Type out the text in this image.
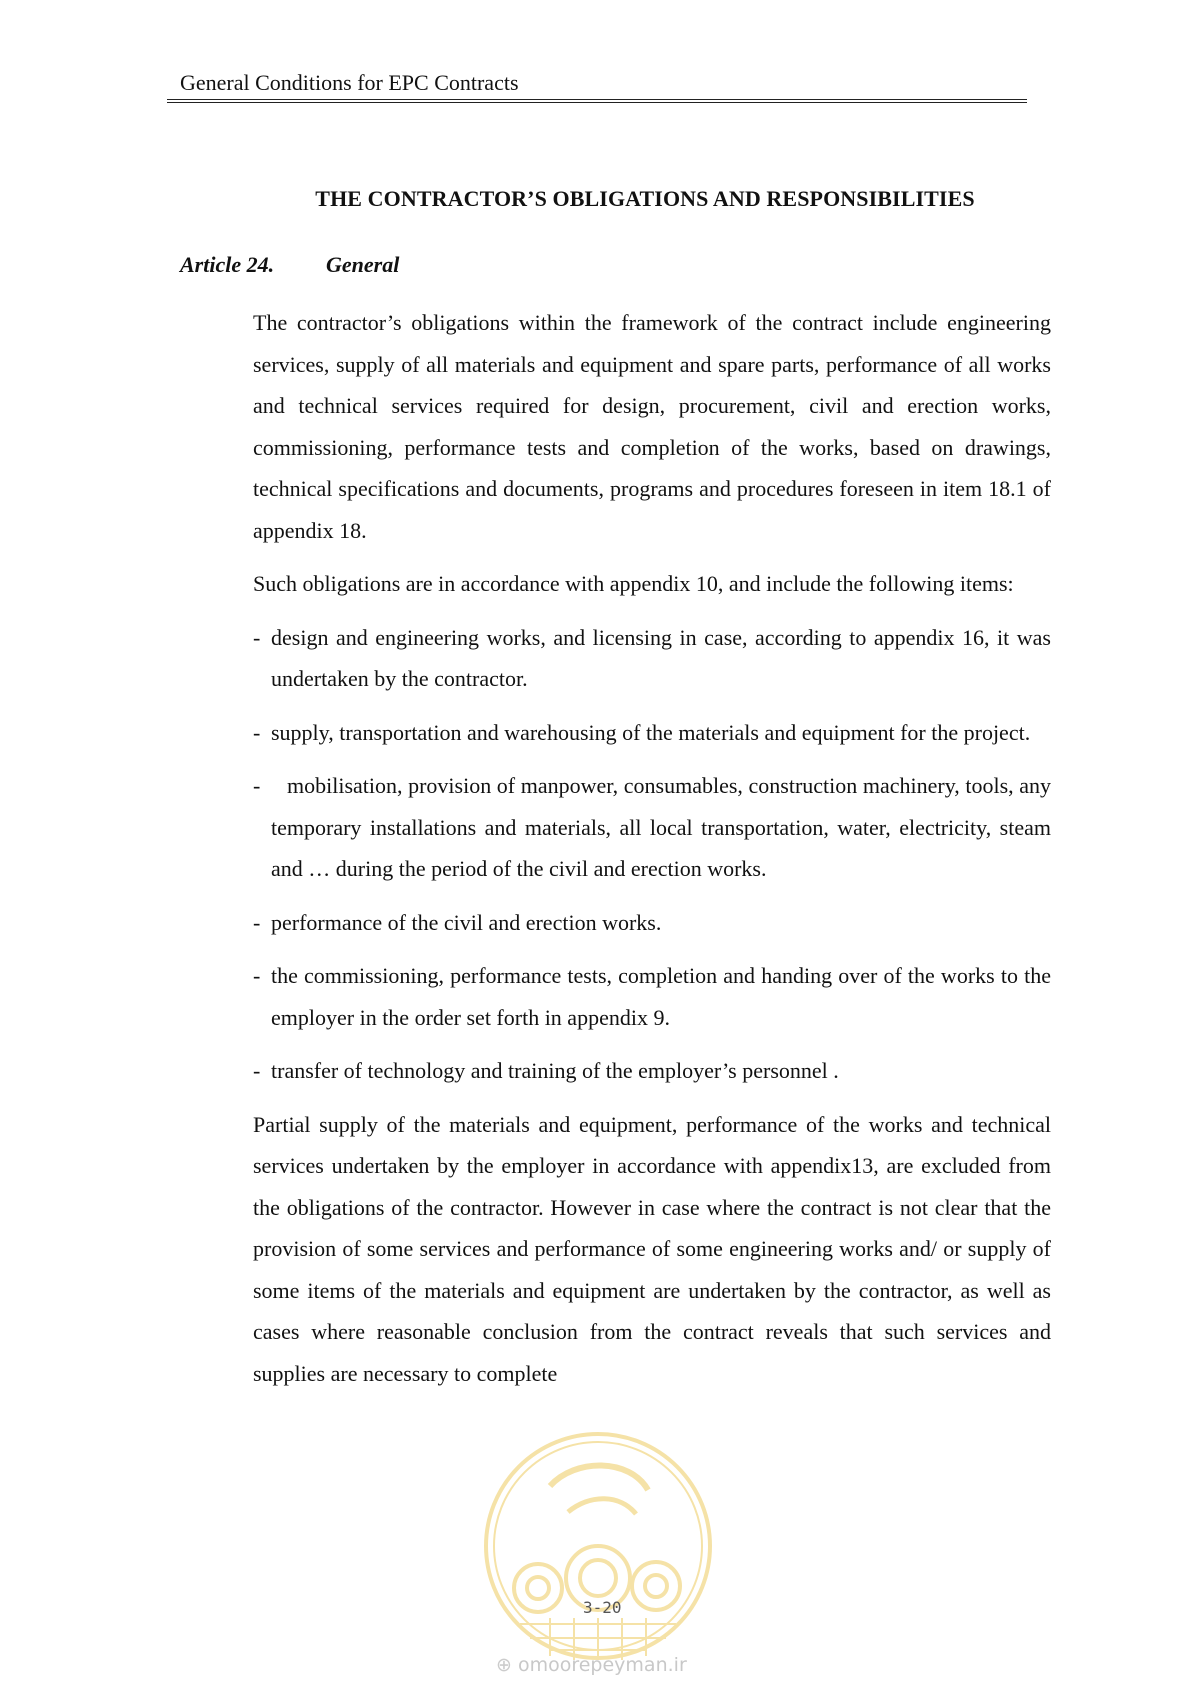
General Conditions for EPC Contracts
THE CONTRACTOR’S OBLIGATIONS AND RESPONSIBILITIES
Article 24. General

The contractor’s obligations within the framework of the contract include engineering services, supply of all materials and equipment and spare parts, performance of all works and technical services required for design, procurement, civil and erection works, commissioning, performance tests and completion of the works, based on drawings, technical specifications and documents, programs and procedures foreseen in item 18.1 of appendix 18.

Such obligations are in accordance with appendix 10, and include the following items:

- design and engineering works, and licensing in case, according to appendix 16, it was undertaken by the contractor.
- supply, transportation and warehousing of the materials and equipment for the project.
- mobilisation, provision of manpower, consumables, construction machinery, tools, any temporary installations and materials, all local transportation, water, electricity, steam and … during the period of the civil and erection works.
- performance of the civil and erection works.
- the commissioning, performance tests, completion and handing over of the works to the employer in the order set forth in appendix 9.
- transfer of technology and training of the employer’s personnel .

Partial supply of the materials and equipment, performance of the works and technical services undertaken by the employer in accordance with appendix13, are excluded from the obligations of the contractor. However in case where the contract is not clear that the provision of some services and performance of some engineering works and/ or supply of some items of the materials and equipment are undertaken by the contractor, as well as cases where reasonable conclusion from the contract reveals that such services and supplies are necessary to complete

3-20
⊕ omoorepeyman.ir
